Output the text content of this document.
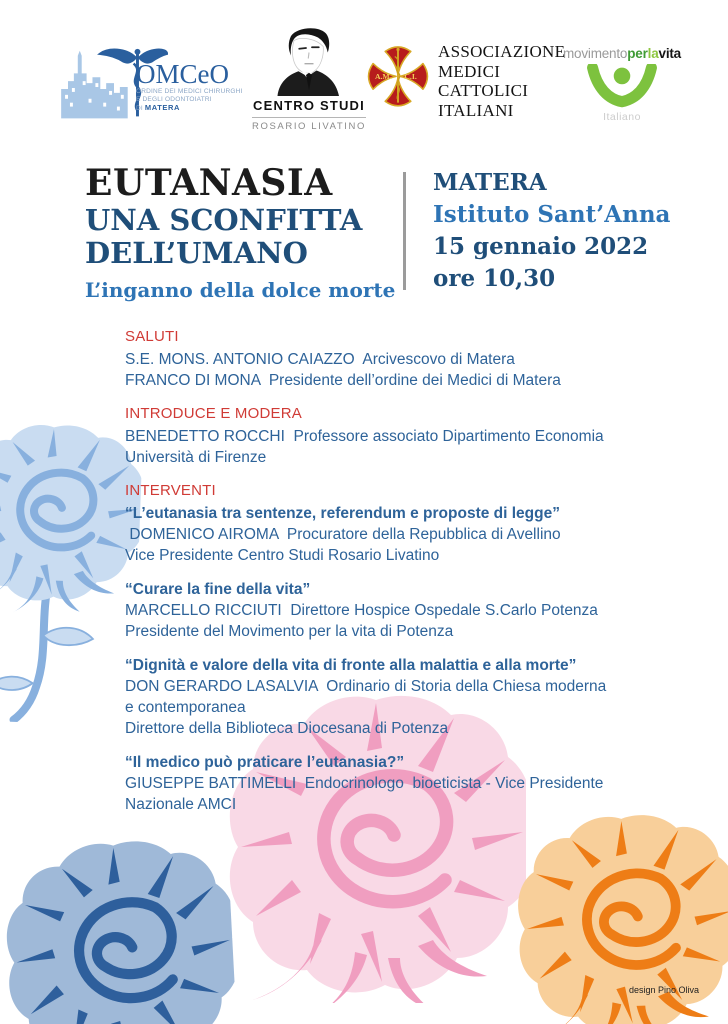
OMCeO
ORDINE DEI MEDICI CHIRURGHI
E DEGLI ODONTOIATRI
DI MATERA	CENTRO STUDI
ROSARIO LIVATINO
A.M. C.I.
ASSOCIAZIONE
MEDICI
CATTOLICI
ITALIANI
movimentoperlavita
Italiano
EUTANASIA
UNA SCONFITTA
DELL’UMANO
L’inganno della dolce morte
MATERA
Istituto Sant’Anna
15 gennaio 2022
ore 10,30
SALUTI
S.E. MONS. ANTONIO CAIAZZO  Arcivescovo di Matera
FRANCO DI MONA  Presidente dell’ordine dei Medici di Matera
INTRODUCE E MODERA
BENEDETTO ROCCHI  Professore associato Dipartimento Economia
Università di Firenze
INTERVENTI
“L’eutanasia tra sentenze, referendum e proposte di legge”
DOMENICO AIROMA  Procuratore della Repubblica di Avellino
Vice Presidente Centro Studi Rosario Livatino
“Curare la fine della vita”
MARCELLO RICCIUTI  Direttore Hospice Ospedale S.Carlo Potenza
Presidente del Movimento per la vita di Potenza
“Dignità e valore della vita di fronte alla malattia e alla morte”
DON GERARDO LASALVIA  Ordinario di Storia della Chiesa moderna
e contemporanea
Direttore della Biblioteca Diocesana di Potenza
“Il medico può praticare l’eutanasia?”
GIUSEPPE BATTIMELLI  Endocrinologo  bioeticista - Vice Presidente
Nazionale AMCI
design Pino Oliva
